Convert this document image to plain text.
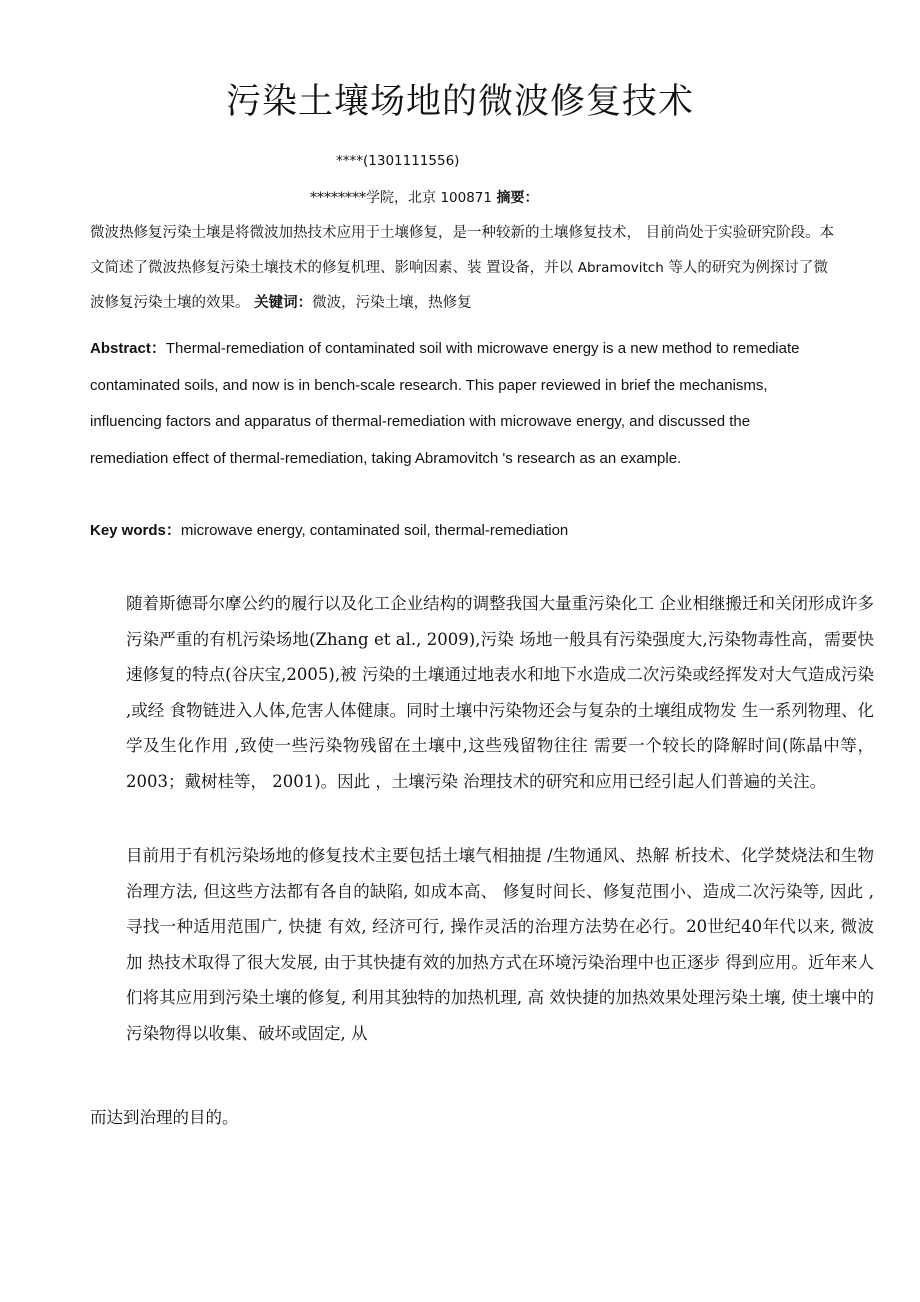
污染土壤场地的微波修复技术
****(1301111556)

********学院，北京 100871 摘要：
微波热修复污染土壤是将微波加热技术应用于土壤修复，是一种较新的土壤修复技术， 目前尚处于实验研究阶段。本文简述了微波热修复污染土壤技术的修复机理、影响因素、装 置设备，并以 Abramovitch 等人的研究为例探讨了微波修复污染土壤的效果。 关键词：微波，污染土壤，热修复

Abstract：Thermal-remediation of contaminated soil with microwave energy is a new method to remediate contaminated soils, and now is in bench-scale research. This paper reviewed in brief the mechanisms, influencing factors and apparatus of thermal-remediation with microwave energy, and discussed the remediation effect of thermal-remediation, taking Abramovitch 's research as an example.

Key words：microwave energy, contaminated soil, thermal-remediation

随着斯德哥尔摩公约的履行以及化工企业结构的调整我国大量重污染化工 企业相继搬迁和关闭形成许多污染严重的有机污染场地(Zhang et al., 2009),污染 场地一般具有污染强度大,污染物毒性高，需要快速修复的特点(谷庆宝,2005),被 污染的土壤通过地表水和地下水造成二次污染或经挥发对大气造成污染 ,或经 食物链进入人体,危害人体健康。同时土壤中污染物还会与复杂的土壤组成物发 生一系列物理、化学及生化作用 ,致使一些污染物残留在土壤中,这些残留物往往 需要一个较长的降解时间(陈晶中等， 2003；戴树桂等， 2001)。因此 ，土壤污染 治理技术的研究和应用已经引起人们普遍的关注。

目前用于有机污染场地的修复技术主要包括土壤气相抽提 /生物通风、热解 析技术、化学焚烧法和生物治理方法, 但这些方法都有各自的缺陷, 如成本高、 修复时间长、修复范围小、造成二次污染等, 因此 ,寻找一种适用范围广, 快捷 有效, 经济可行, 操作灵活的治理方法势在必行。20世纪40年代以来, 微波加 热技术取得了很大发展, 由于其快捷有效的加热方式在环境污染治理中也正逐步 得到应用。近年来人们将其应用到污染土壤的修复, 利用其独特的加热机理, 高 效快捷的加热效果处理污染土壤, 使土壤中的污染物得以收集、破坏或固定, 从

而达到治理的目的。
